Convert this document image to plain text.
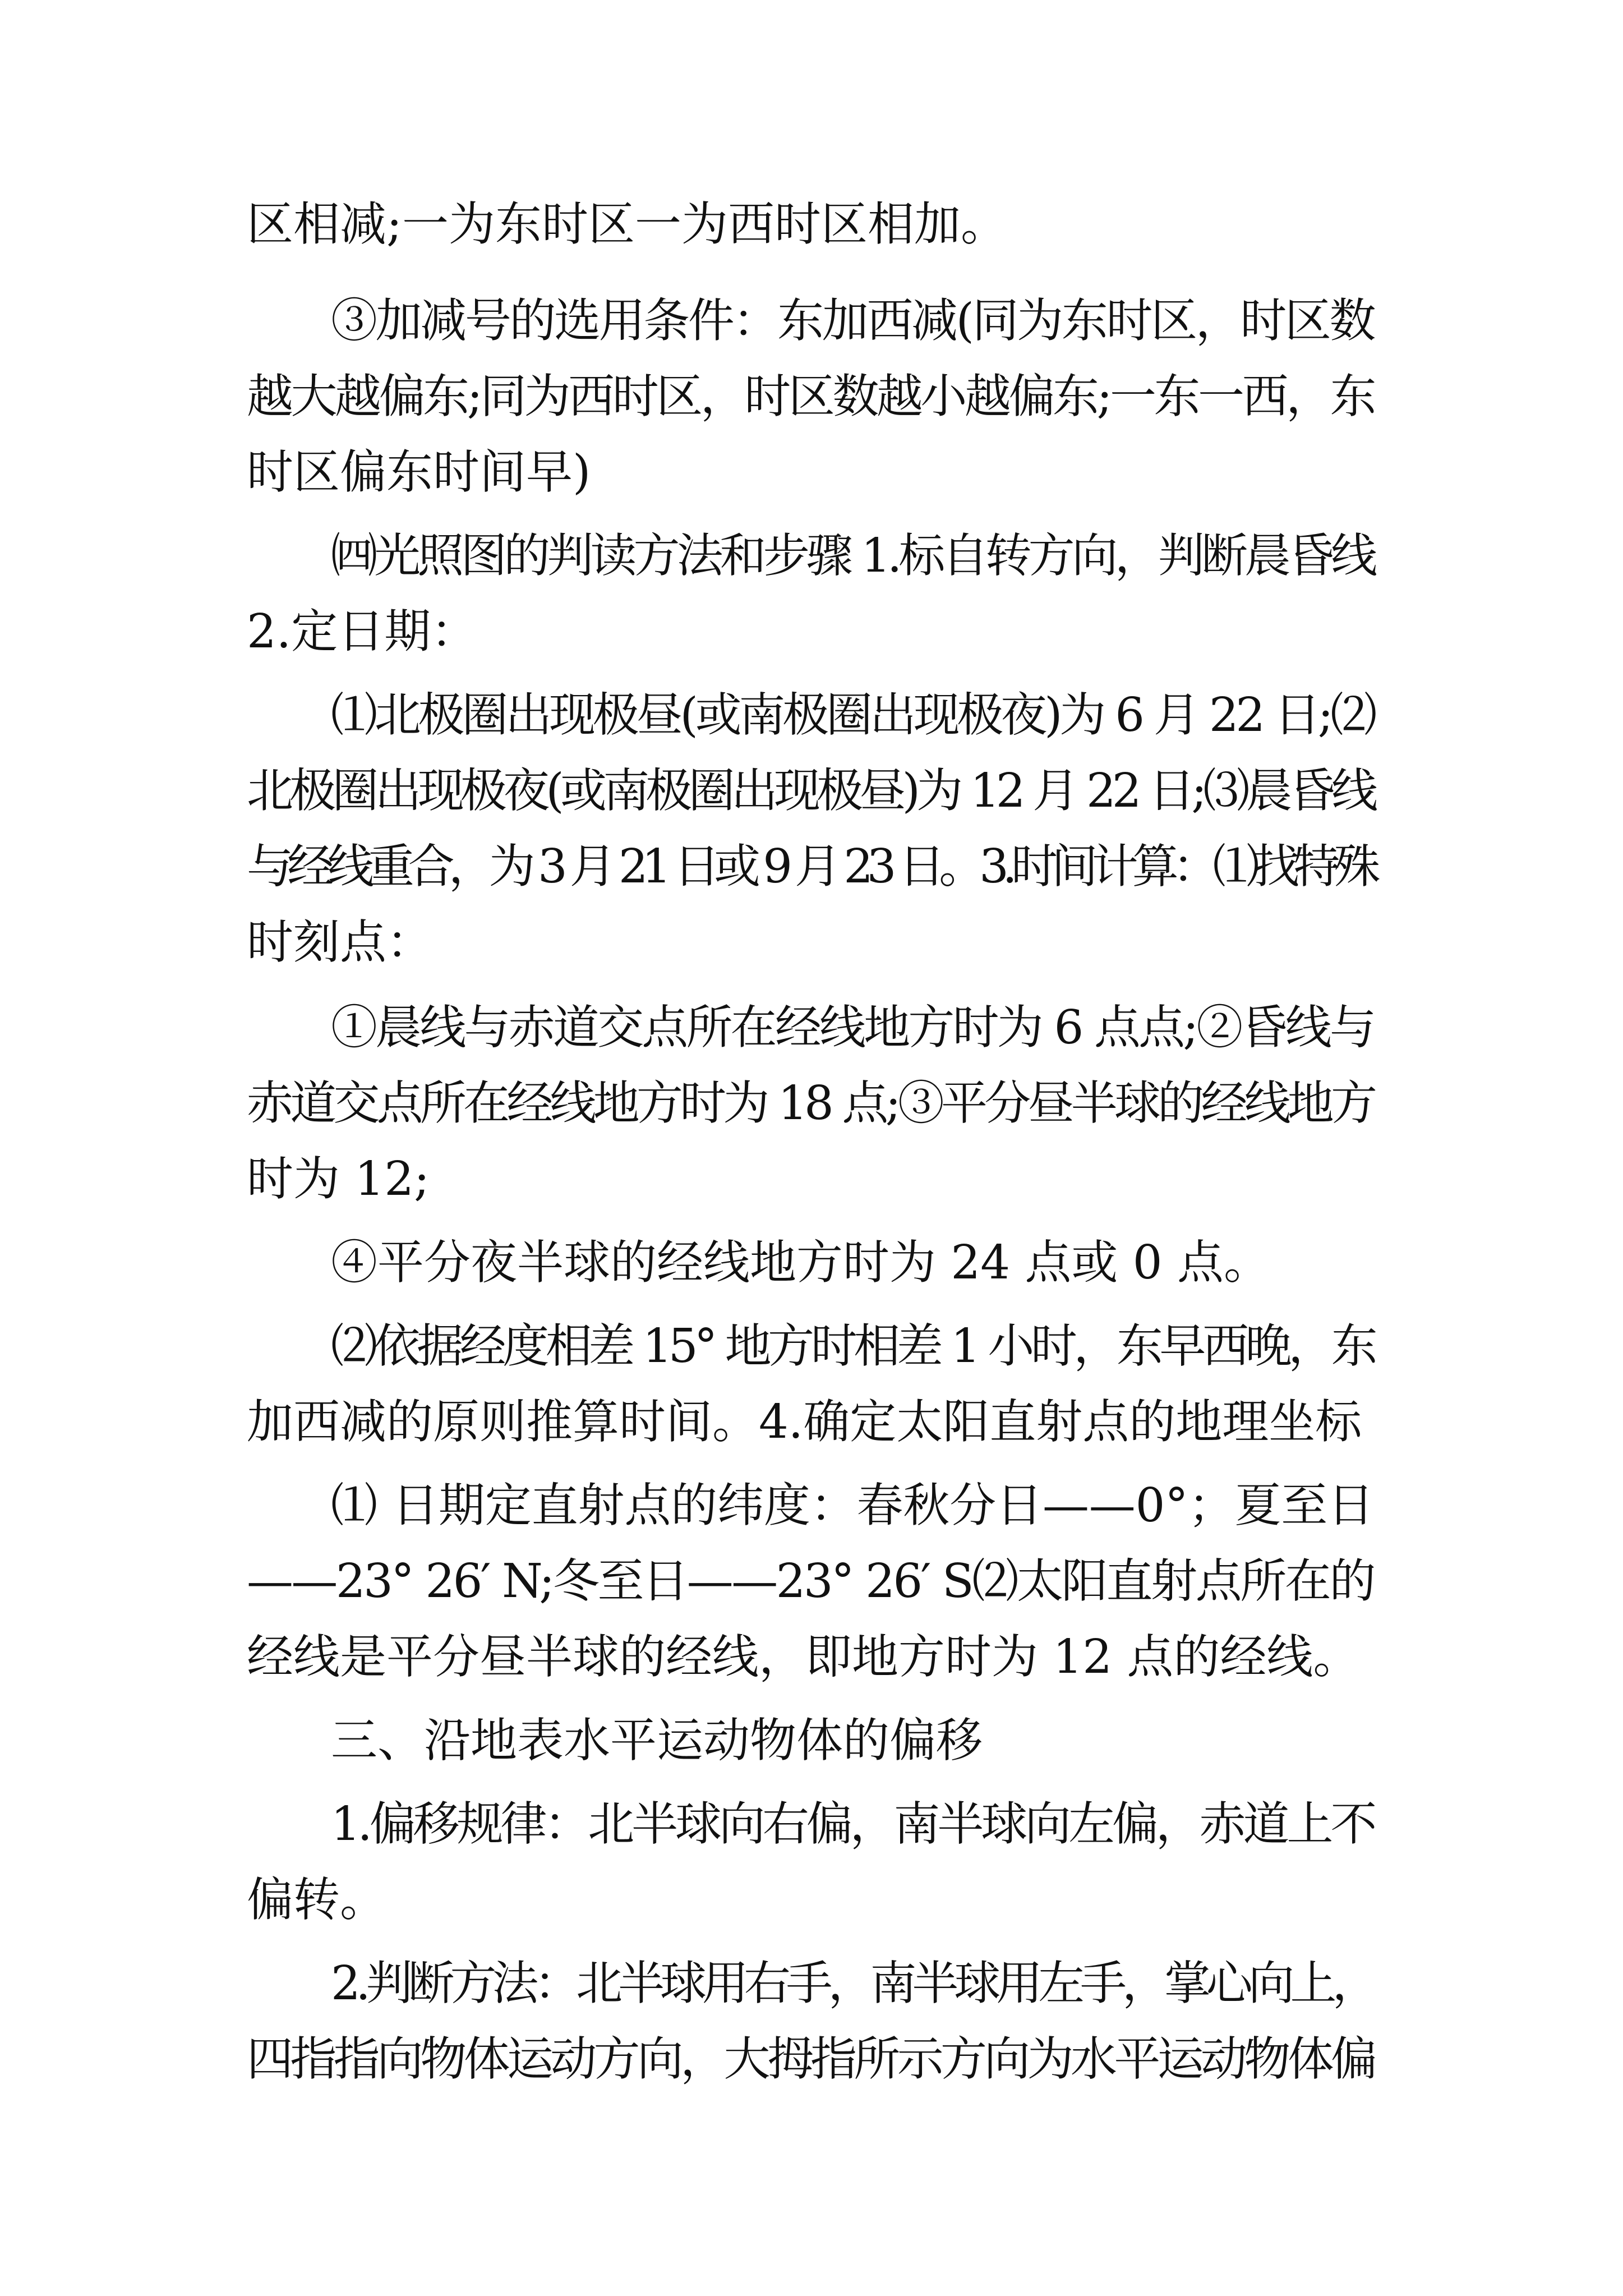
区相减;一为东时区一为西时区相加。
③加减号的选用条件：东加西减(同为东时区，时区数
越大越偏东;同为西时区，时区数越小越偏东;一东一西，东
时区偏东时间早)
㈣光照图的判读方法和步骤 1.标自转方向，判断晨昏线
2.定日期：
⑴北极圈出现极昼(或南极圈出现极夜)为 6 月 22 日;⑵
北极圈出现极夜(或南极圈出现极昼)为 12 月 22 日;⑶晨昏线
与经线重合，为 3 月 21 日或 9 月 23 日。3.时间计算：⑴找特殊
时刻点：
①晨线与赤道交点所在经线地方时为 6 点点;②昏线与
赤道交点所在经线地方时为 18 点;③平分昼半球的经线地方
时为 12;
④平分夜半球的经线地方时为 24 点或 0 点。
⑵依据经度相差 15° 地方时相差 1 小时，东早西晚，东
加西减的原则推算时间。4.确定太阳直射点的地理坐标
⑴ 日期定直射点的纬度：春秋分日——0°；夏至日
——23° 26′ N;冬至日——23° 26′ S⑵太阳直射点所在的
经线是平分昼半球的经线，即地方时为 12 点的经线。
三、沿地表水平运动物体的偏移
1.偏移规律：北半球向右偏，南半球向左偏，赤道上不
偏转。
2.判断方法：北半球用右手，南半球用左手，掌心向上，
四指指向物体运动方向，大拇指所示方向为水平运动物体偏
